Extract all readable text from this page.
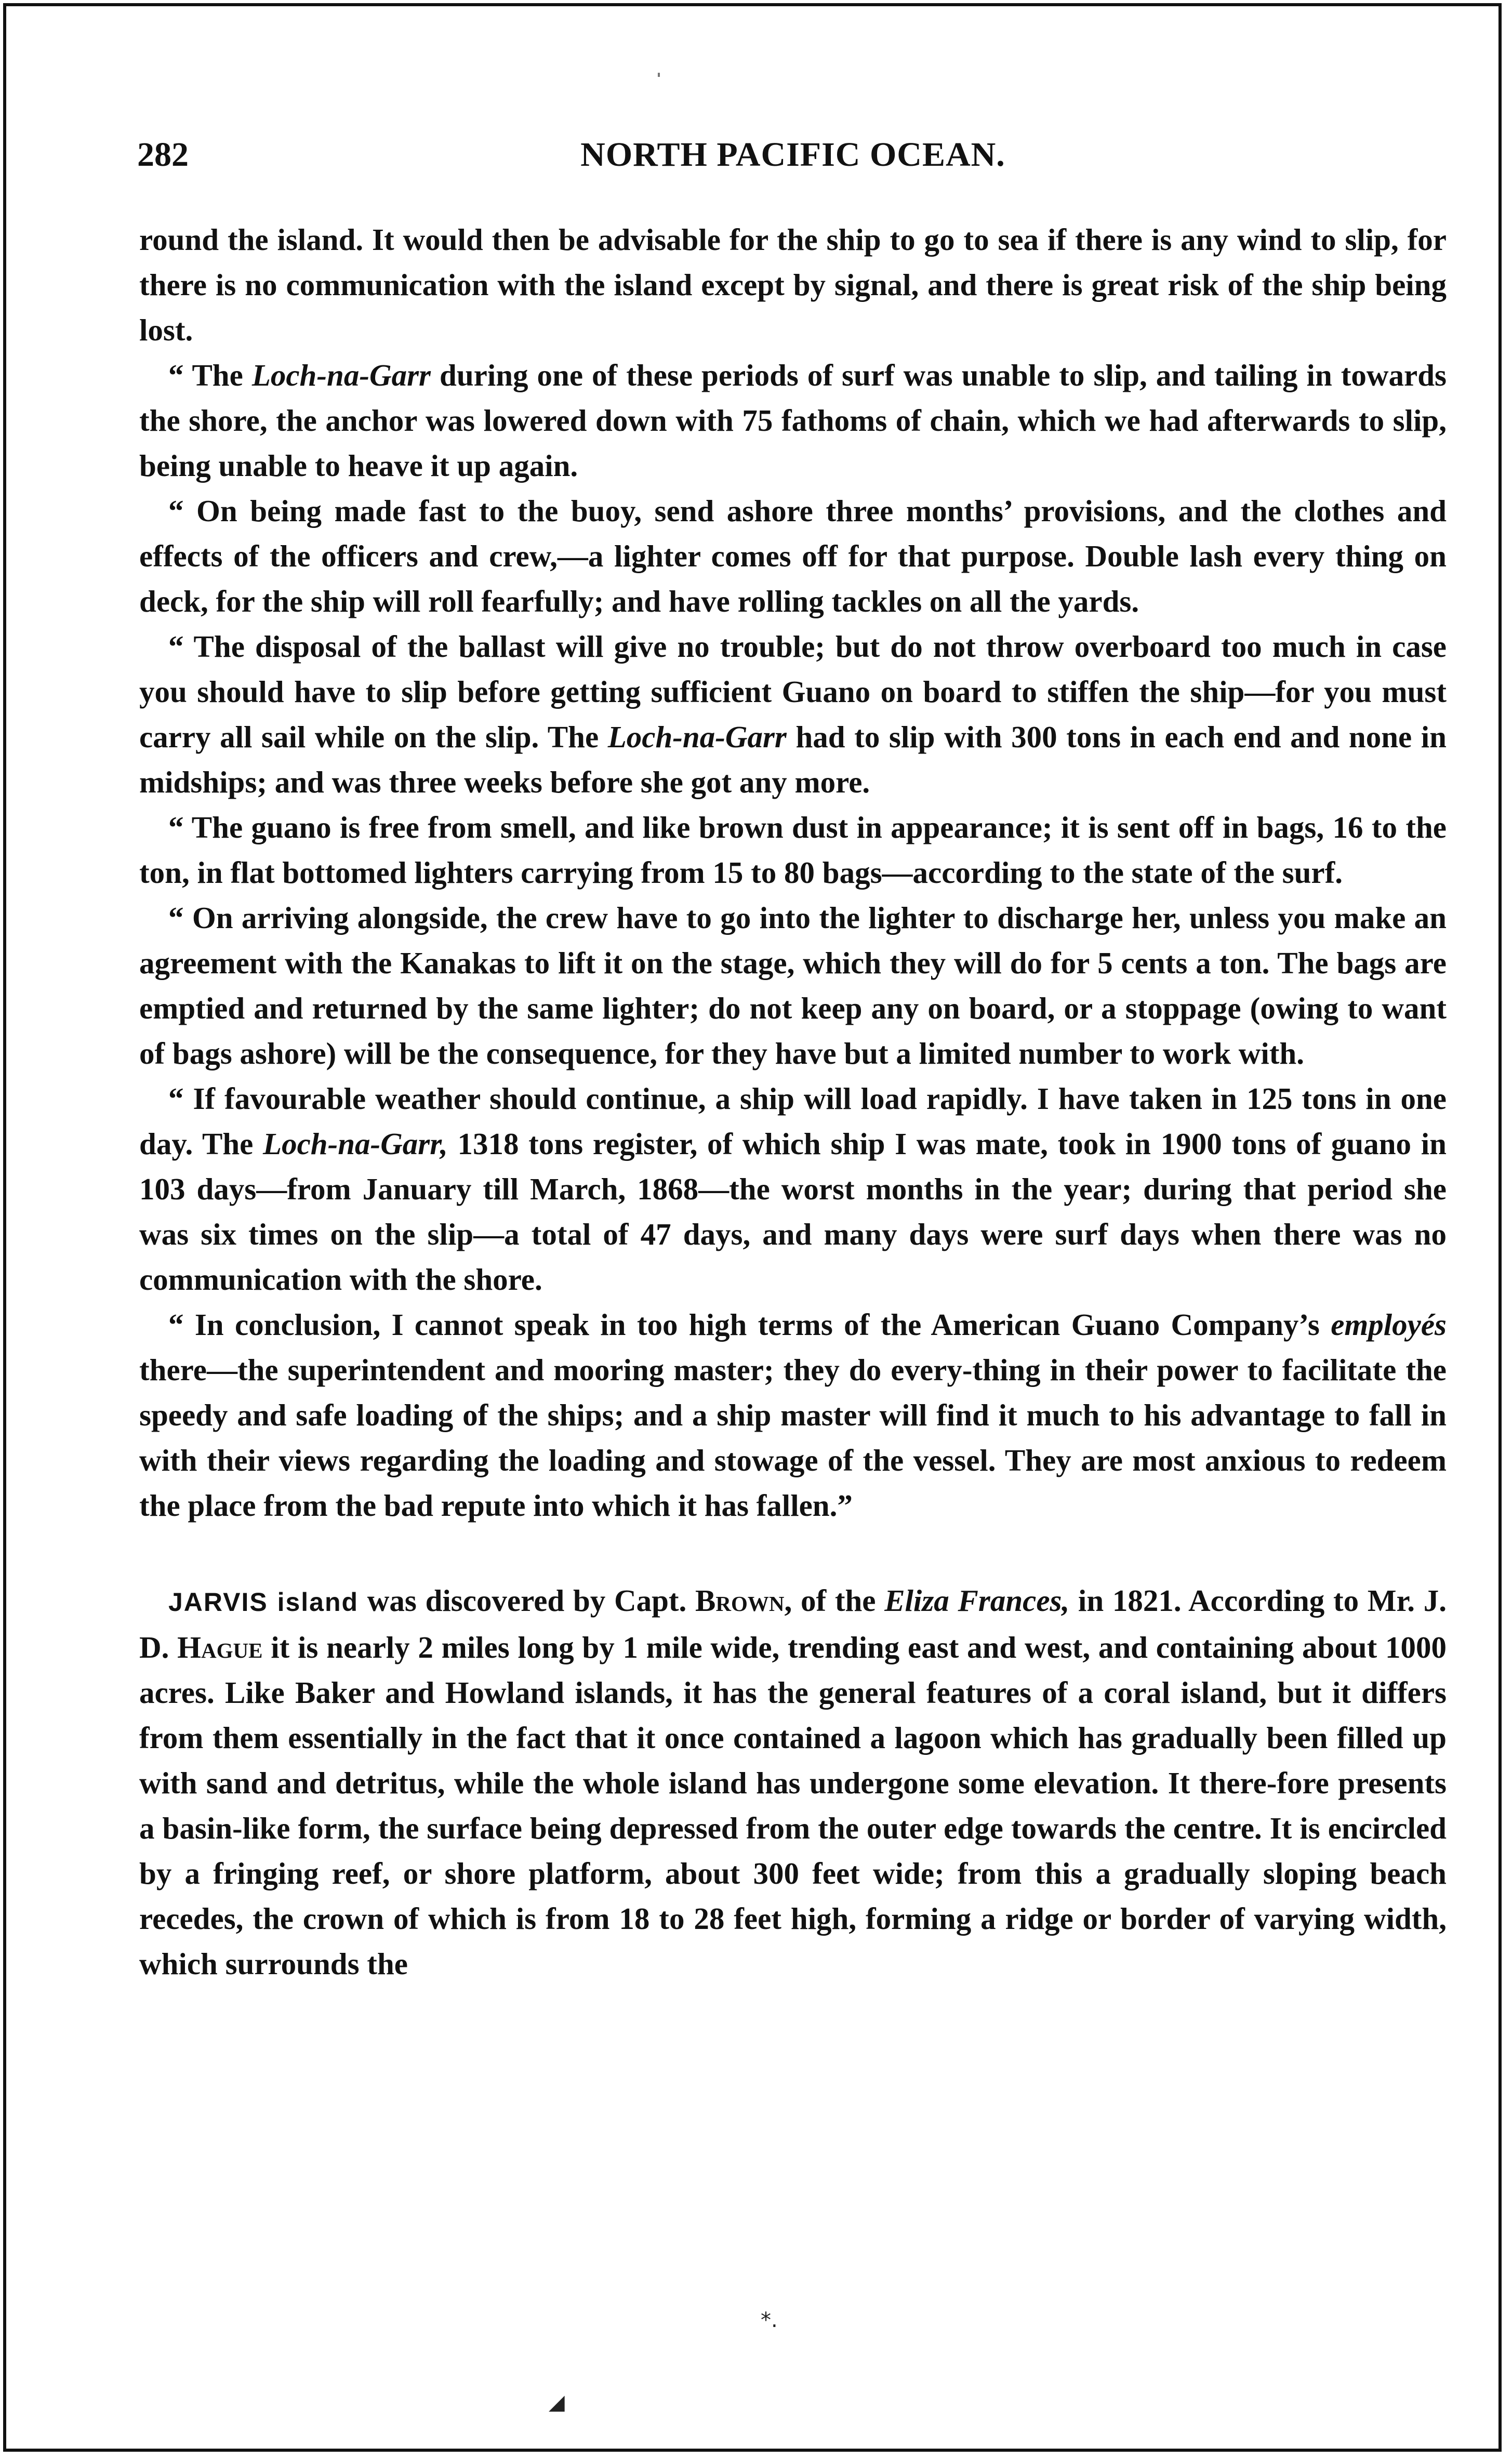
282	NORTH PACIFIC OCEAN.

round the island. It would then be advisable for the ship to go to sea if there is any wind to slip, for there is no communication with the island except by signal, and there is great risk of the ship being lost.

“ The Loch-na-Garr during one of these periods of surf was unable to slip, and tailing in towards the shore, the anchor was lowered down with 75 fathoms of chain, which we had afterwards to slip, being unable to heave it up again.

“ On being made fast to the buoy, send ashore three months’ provisions, and the clothes and effects of the officers and crew,—a lighter comes off for that purpose. Double lash every thing on deck, for the ship will roll fearfully; and have rolling tackles on all the yards.

“ The disposal of the ballast will give no trouble; but do not throw overboard too much in case you should have to slip before getting sufficient Guano on board to stiffen the ship—for you must carry all sail while on the slip. The Loch-na-Garr had to slip with 300 tons in each end and none in midships; and was three weeks before she got any more.

“ The guano is free from smell, and like brown dust in appearance; it is sent off in bags, 16 to the ton, in flat bottomed lighters carrying from 15 to 80 bags—according to the state of the surf.

“ On arriving alongside, the crew have to go into the lighter to discharge her, unless you make an agreement with the Kanakas to lift it on the stage, which they will do for 5 cents a ton. The bags are emptied and returned by the same lighter; do not keep any on board, or a stoppage (owing to want of bags ashore) will be the consequence, for they have but a limited number to work with.

“ If favourable weather should continue, a ship will load rapidly. I have taken in 125 tons in one day. The Loch-na-Garr, 1318 tons register, of which ship I was mate, took in 1900 tons of guano in 103 days—from January till March, 1868—the worst months in the year; during that period she was six times on the slip—a total of 47 days, and many days were surf days when there was no communication with the shore.

“ In conclusion, I cannot speak in too high terms of the American Guano Company’s employés there—the superintendent and mooring master; they do every-thing in their power to facilitate the speedy and safe loading of the ships; and a ship master will find it much to his advantage to fall in with their views regarding the loading and stowage of the vessel. They are most anxious to redeem the place from the bad repute into which it has fallen.”

JARVIS island was discovered by Capt. Brown, of the Eliza Frances, in 1821. According to Mr. J. D. Hague it is nearly 2 miles long by 1 mile wide, trending east and west, and containing about 1000 acres. Like Baker and Howland islands, it has the general features of a coral island, but it differs from them essentially in the fact that it once contained a lagoon which has gradually been filled up with sand and detritus, while the whole island has undergone some elevation. It there-fore presents a basin-like form, the surface being depressed from the outer edge towards the centre. It is encircled by a fringing reef, or shore platform, about 300 feet wide; from this a gradually sloping beach recedes, the crown of which is from 18 to 28 feet high, forming a ridge or border of varying width, which surrounds the

*.
◢
